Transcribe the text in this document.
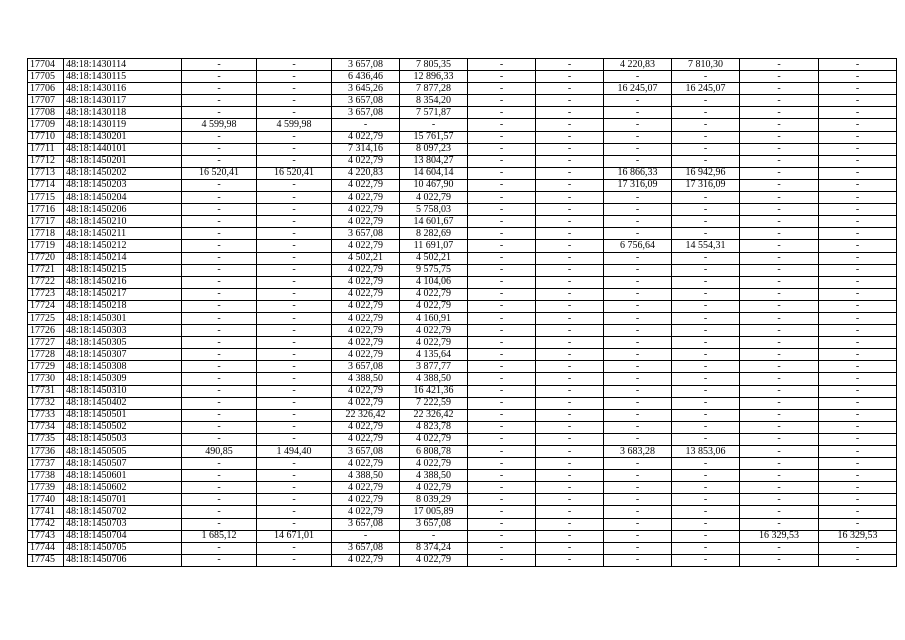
17704	48:18:1430114	-	-	3 657,08	7 805,35	-	-	4 220,83	7 810,30	-	-
17705	48:18:1430115	-	-	6 436,46	12 896,33	-	-	-	-	-	-
17706	48:18:1430116	-	-	3 645,26	7 877,28	-	-	16 245,07	16 245,07	-	-
17707	48:18:1430117	-	-	3 657,08	8 354,20	-	-	-	-	-	-
17708	48:18:1430118	-	-	3 657,08	7 571,87	-	-	-	-	-	-
17709	48:18:1430119	4 599,98	4 599,98	-	-	-	-	-	-	-	-
17710	48:18:1430201	-	-	4 022,79	15 761,57	-	-	-	-	-	-
17711	48:18:1440101	-	-	7 314,16	8 097,23	-	-	-	-	-	-
17712	48:18:1450201	-	-	4 022,79	13 804,27	-	-	-	-	-	-
17713	48:18:1450202	16 520,41	16 520,41	4 220,83	14 604,14	-	-	16 866,33	16 942,96	-	-
17714	48:18:1450203	-	-	4 022,79	10 467,90	-	-	17 316,09	17 316,09	-	-
17715	48:18:1450204	-	-	4 022,79	4 022,79	-	-	-	-	-	-
17716	48:18:1450206	-	-	4 022,79	5 758,03	-	-	-	-	-	-
17717	48:18:1450210	-	-	4 022,79	14 601,67	-	-	-	-	-	-
17718	48:18:1450211	-	-	3 657,08	8 282,69	-	-	-	-	-	-
17719	48:18:1450212	-	-	4 022,79	11 691,07	-	-	6 756,64	14 554,31	-	-
17720	48:18:1450214	-	-	4 502,21	4 502,21	-	-	-	-	-	-
17721	48:18:1450215	-	-	4 022,79	9 575,75	-	-	-	-	-	-
17722	48:18:1450216	-	-	4 022,79	4 104,06	-	-	-	-	-	-
17723	48:18:1450217	-	-	4 022,79	4 022,79	-	-	-	-	-	-
17724	48:18:1450218	-	-	4 022,79	4 022,79	-	-	-	-	-	-
17725	48:18:1450301	-	-	4 022,79	4 160,91	-	-	-	-	-	-
17726	48:18:1450303	-	-	4 022,79	4 022,79	-	-	-	-	-	-
17727	48:18:1450305	-	-	4 022,79	4 022,79	-	-	-	-	-	-
17728	48:18:1450307	-	-	4 022,79	4 135,64	-	-	-	-	-	-
17729	48:18:1450308	-	-	3 657,08	3 877,77	-	-	-	-	-	-
17730	48:18:1450309	-	-	4 388,50	4 388,50	-	-	-	-	-	-
17731	48:18:1450310	-	-	4 022,79	16 421,36	-	-	-	-	-	-
17732	48:18:1450402	-	-	4 022,79	7 222,59	-	-	-	-	-	-
17733	48:18:1450501	-	-	22 326,42	22 326,42	-	-	-	-	-	-
17734	48:18:1450502	-	-	4 022,79	4 823,78	-	-	-	-	-	-
17735	48:18:1450503	-	-	4 022,79	4 022,79	-	-	-	-	-	-
17736	48:18:1450505	490,85	1 494,40	3 657,08	6 808,78	-	-	3 683,28	13 853,06	-	-
17737	48:18:1450507	-	-	4 022,79	4 022,79	-	-	-	-	-	-
17738	48:18:1450601	-	-	4 388,50	4 388,50	-	-	-	-	-	-
17739	48:18:1450602	-	-	4 022,79	4 022,79	-	-	-	-	-	-
17740	48:18:1450701	-	-	4 022,79	8 039,29	-	-	-	-	-	-
17741	48:18:1450702	-	-	4 022,79	17 005,89	-	-	-	-	-	-
17742	48:18:1450703	-	-	3 657,08	3 657,08	-	-	-	-	-	-
17743	48:18:1450704	1 685,12	14 671,01	-	-	-	-	-	-	16 329,53	16 329,53
17744	48:18:1450705	-	-	3 657,08	8 374,24	-	-	-	-	-	-
17745	48:18:1450706	-	-	4 022,79	4 022,79	-	-	-	-	-	-
